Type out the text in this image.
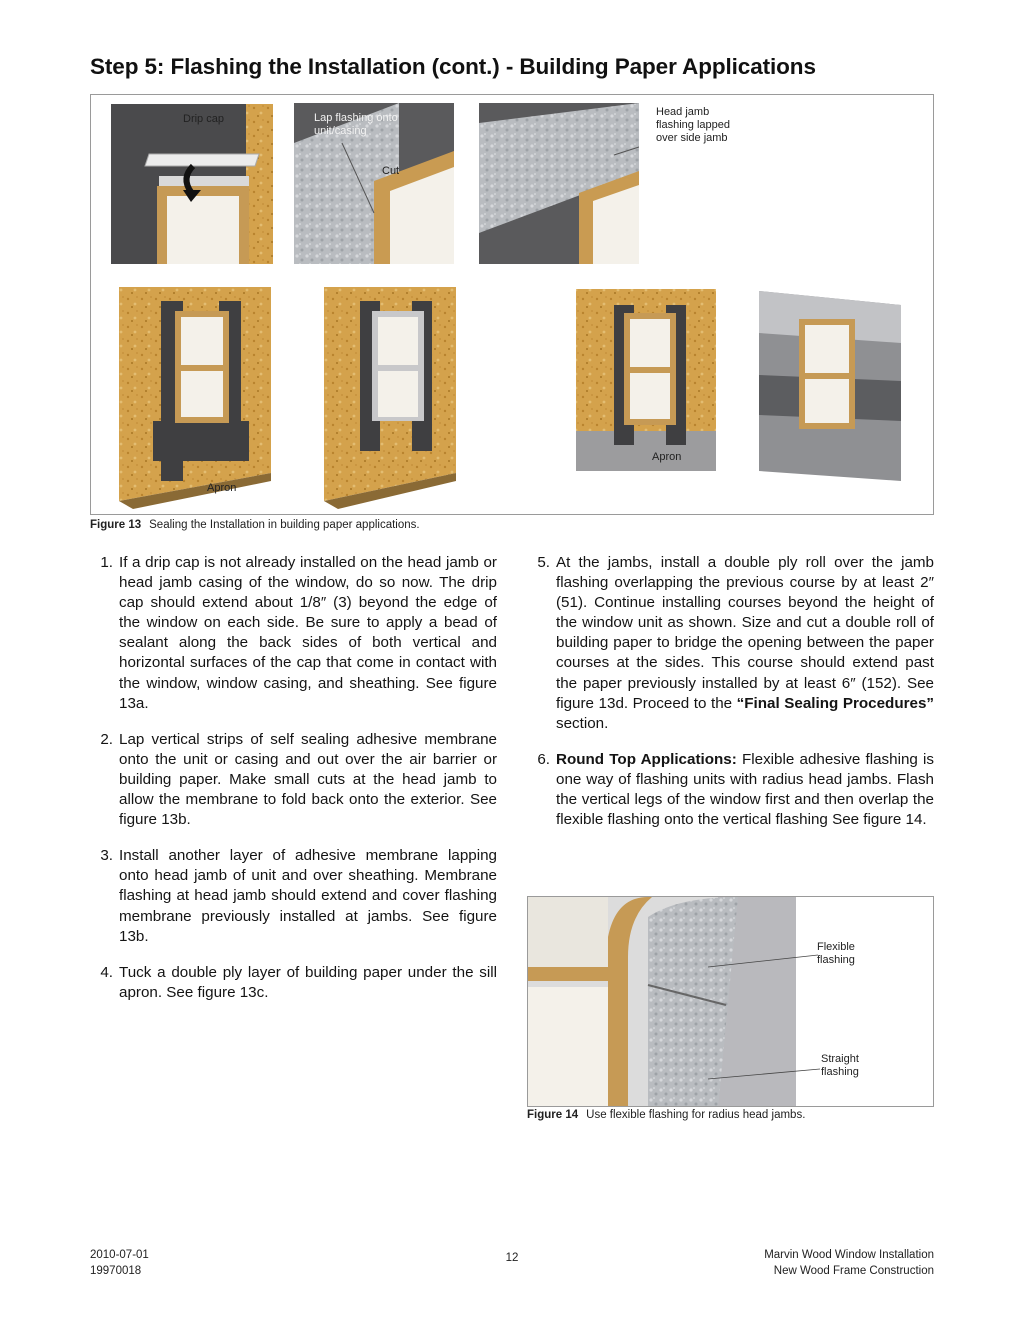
Step 5: Flashing the Installation (cont.) - Building Paper Applications
Drip cap	Lap flashing onto unit/casing
Cut
Head jamb flashing lapped over side jamb
Apron
Apron
Figure 13 Sealing the Installation in building paper applications.
1. If a drip cap is not already installed on the head jamb or head jamb casing of the window, do so now. The drip cap should extend about 1/8″ (3) beyond the edge of the window on each side. Be sure to apply a bead of sealant along the back sides of both vertical and horizontal surfaces of the cap that come in contact with the window, window casing, and sheathing. See figure 13a.
2. Lap vertical strips of self sealing adhesive membrane onto the unit or casing and out over the air barrier or building paper. Make small cuts at the head jamb to allow the membrane to fold back onto the exterior. See figure 13b.
3. Install another layer of adhesive membrane lapping onto head jamb of unit and over sheathing. Membrane flashing at head jamb should extend and cover flashing membrane previously installed at jambs. See figure 13b.
4. Tuck a double ply layer of building paper under the sill apron. See figure 13c.
5. At the jambs, install a double ply roll over the jamb flashing overlapping the previous course by at least 2″ (51). Continue installing courses beyond the height of the window unit as shown. Size and cut a double roll of building paper to bridge the opening between the paper courses at the sides. This course should extend past the paper previously installed by at least 6″ (152). See figure 13d. Proceed to the “Final Sealing Procedures” section.
6. Round Top Applications: Flexible adhesive flashing is one way of flashing units with radius head jambs. Flash the vertical legs of the window first and then overlap the flexible flashing onto the vertical flashing See figure 14.
Flexible flashing
Straight flashing
Figure 14 Use flexible flashing for radius head jambs.
2010-07-01
19970018
12	Marvin Wood Window Installation
New Wood Frame Construction
